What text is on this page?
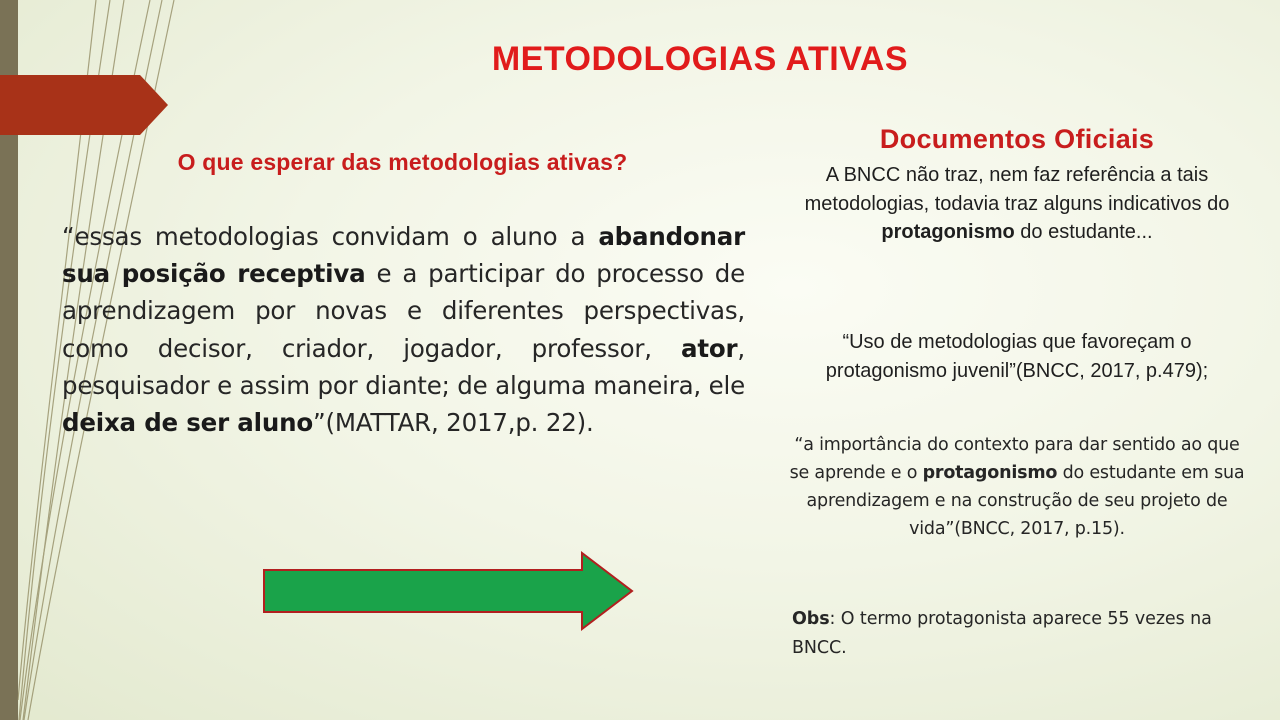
METODOLOGIAS ATIVAS
O que esperar das metodologias ativas?
“essas metodologias convidam o aluno a abandonar sua posição receptiva e a participar do processo de aprendizagem por novas e diferentes perspectivas, como decisor, criador, jogador, professor, ator, pesquisador e assim por diante; de alguma maneira, ele deixa de ser aluno”(MATTAR, 2017,p. 22).
Documentos Oficiais
A BNCC não traz, nem faz referência a tais metodologias, todavia traz alguns indicativos do protagonismo do estudante...
“Uso de metodologias que favoreçam o protagonismo juvenil”(BNCC, 2017, p.479);
“a importância do contexto para dar sentido ao que se aprende e o protagonismo do estudante em sua aprendizagem e na construção de seu projeto de vida”(BNCC, 2017, p.15).
Obs: O termo protagonista aparece 55 vezes na BNCC.
